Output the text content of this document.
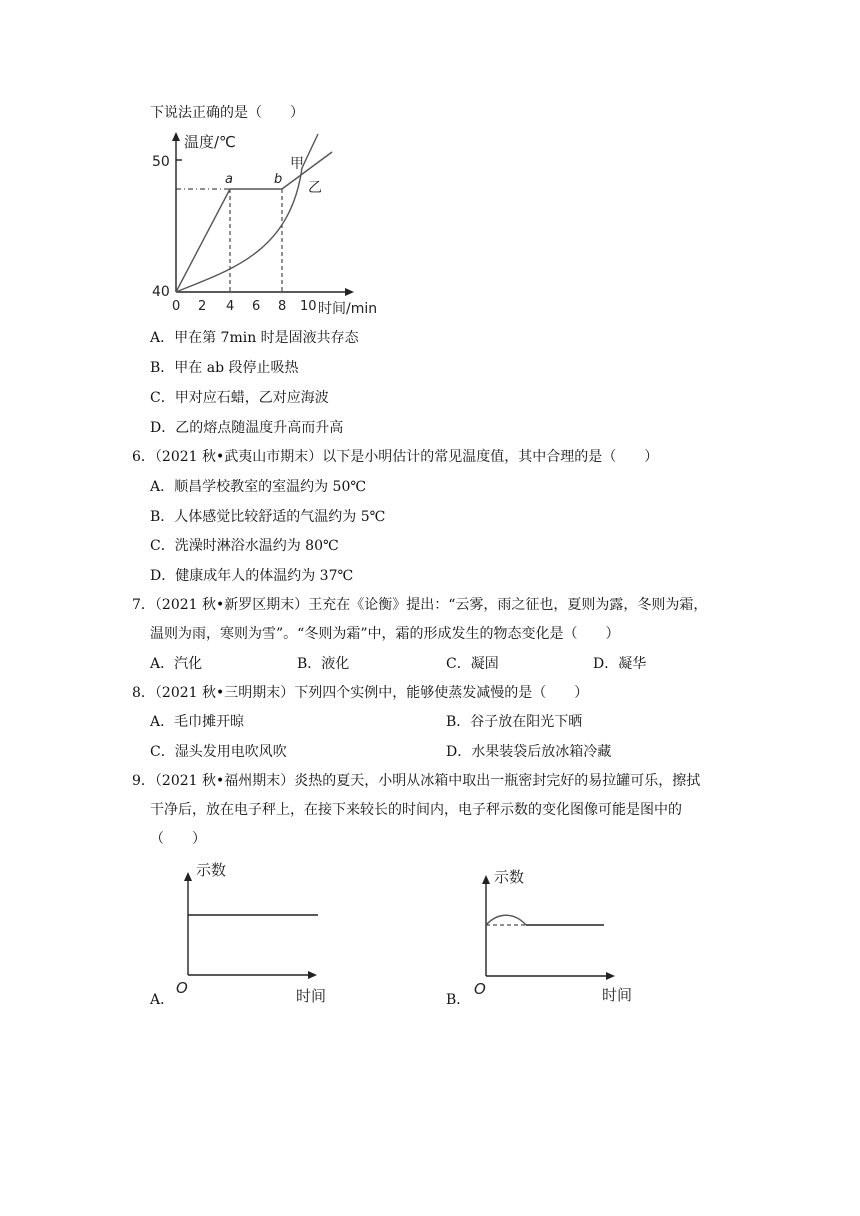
下说法正确的是（　　）
温度/℃
50
40
0 2 4 6 8 10 时间/min
a	b
甲
乙
A．甲在第 7min 时是固液共存态
B．甲在 ab 段停止吸热
C．甲对应石蜡，乙对应海波
D．乙的熔点随温度升高而升高
6．（2021 秋•武夷山市期末）以下是小明估计的常见温度值，其中合理的是（　　）
A．顺昌学校教室的室温约为 50℃
B．人体感觉比较舒适的气温约为 5℃
C．洗澡时淋浴水温约为 80℃
D．健康成年人的体温约为 37℃
7．（2021 秋•新罗区期末）王充在《论衡》提出：“云雾，雨之征也，夏则为露，冬则为霜，
温则为雨，寒则为雪”。“冬则为霜”中，霜的形成发生的物态变化是（　　）
A．汽化	B．液化	C．凝固	D．凝华
8．（2021 秋•三明期末）下列四个实例中，能够使蒸发减慢的是（　　）
A．毛巾摊开晾	B．谷子放在阳光下晒
C．湿头发用电吹风吹	D．水果装袋后放冰箱冷藏
9．（2021 秋•福州期末）炎热的夏天，小明从冰箱中取出一瓶密封完好的易拉罐可乐，擦拭
干净后，放在电子秤上，在接下来较长的时间内，电子秤示数的变化图像可能是图中的
（　　）
A．
示数
时间
O
B．
示数
时间
O
